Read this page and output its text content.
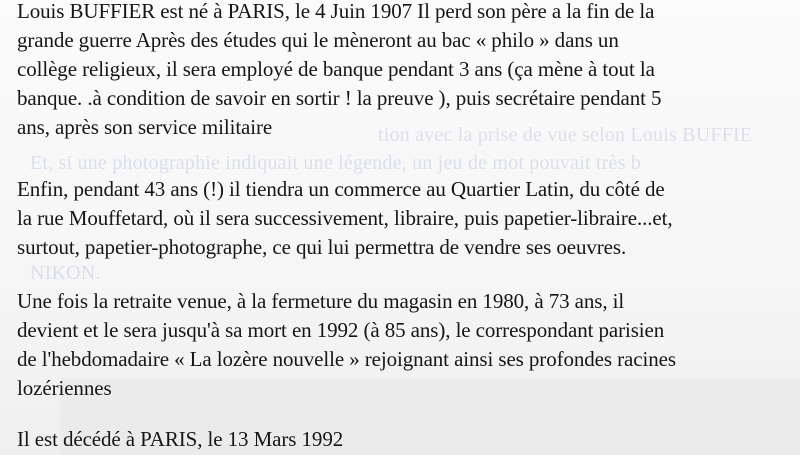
tion avec la prise de vue selon Louis BUFFIE
Et, si une photographie indiquait une légende, un jeu de mot pouvait très b
NIKON.
Louis BUFFIER est né à PARIS, le 4 Juin 1907 Il perd son père a la fin de la
grande guerre Après des études qui le mèneront au bac « philo » dans un
collège religieux, il sera employé de banque pendant 3 ans (ça mène à tout la
banque. .à condition de savoir en sortir ! la preuve ), puis secrétaire pendant 5
ans, après son service militaire
Enfin, pendant 43 ans (!) il tiendra un commerce au Quartier Latin, du côté de
la rue Mouffetard, où il sera successivement, libraire, puis papetier-libraire...et,
surtout, papetier-photographe, ce qui lui permettra de vendre ses oeuvres.
Une fois la retraite venue, à la fermeture du magasin en 1980, à 73 ans, il
devient et le sera jusqu'à sa mort en 1992 (à 85 ans), le correspondant parisien
de l'hebdomadaire « La lozère nouvelle » rejoignant ainsi ses profondes racines
lozériennes
Il est décédé à PARIS, le 13 Mars 1992
